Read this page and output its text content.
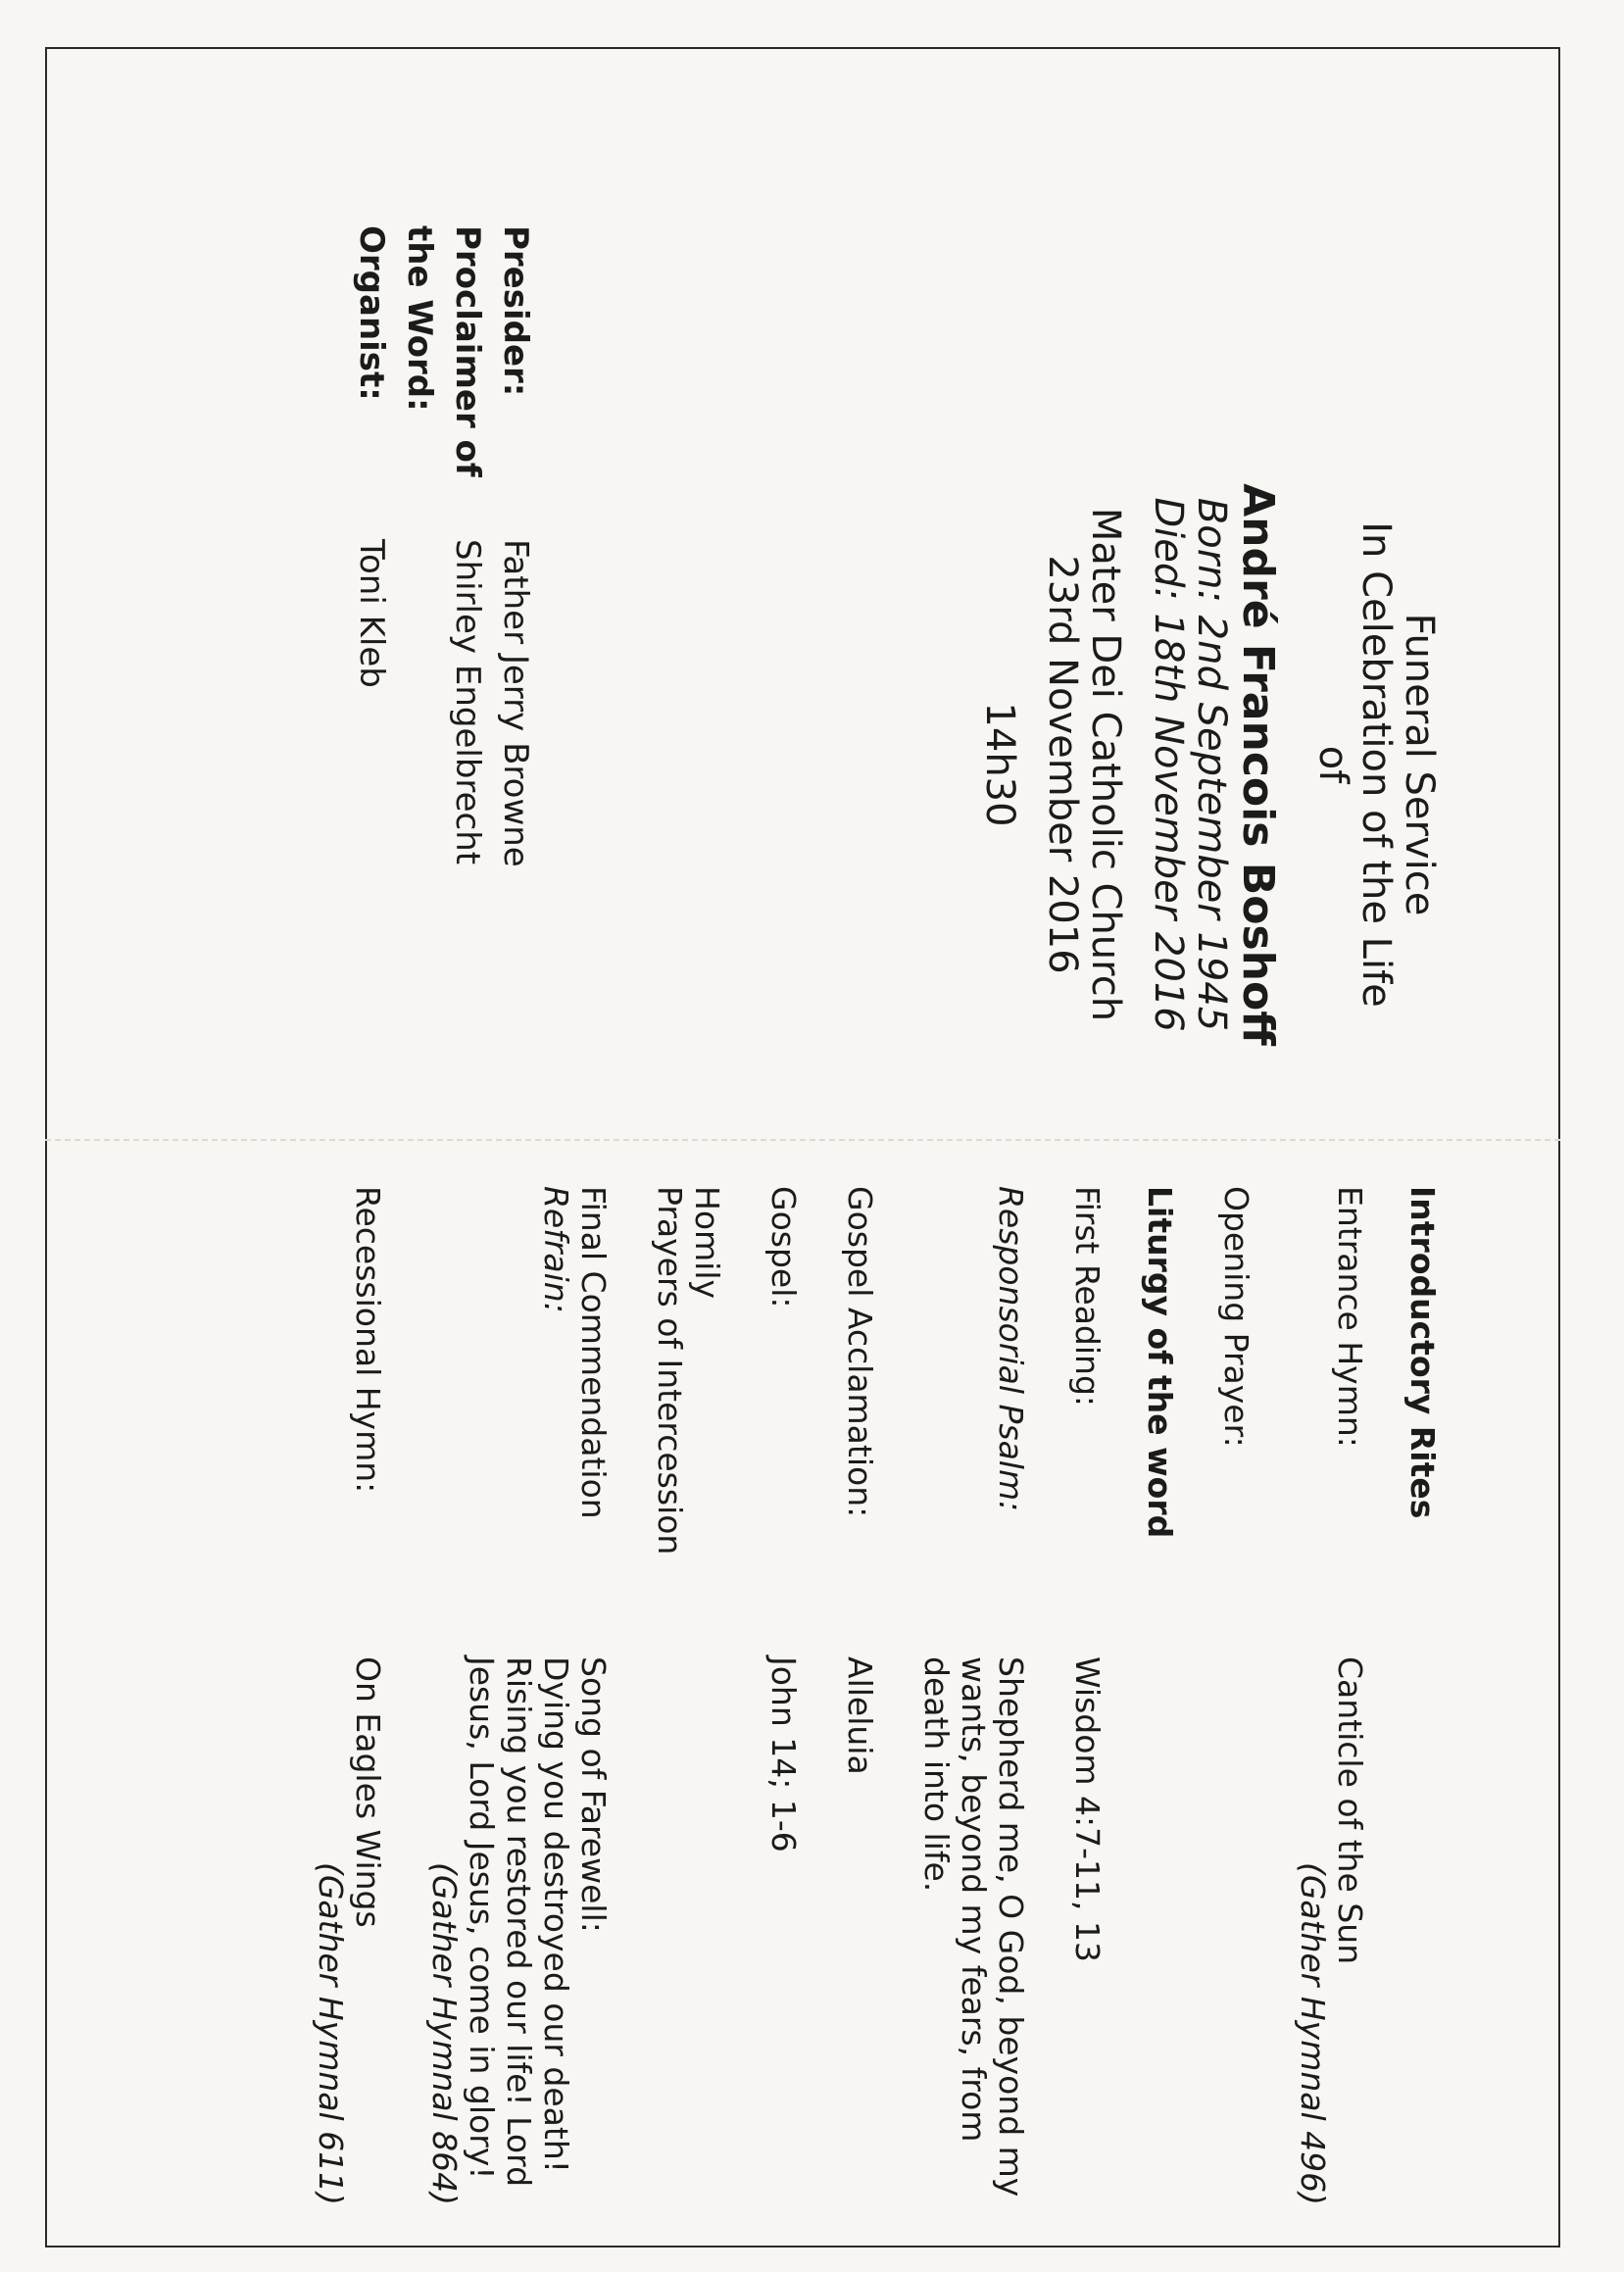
Funeral Service
In Celebration of the Life
of
André Francois Boshoff
Born: 2nd September 1945
Died: 18th November 2016
Mater Dei Catholic Church
23rd November 2016
14h30
Presider:
Father Jerry Browne
Proclaimer of the Word:
Shirley Engelbrecht
Organist:
Toni Kleb
Introductory Rites
Entrance Hymn:
Canticle of the Sun
(Gather Hymnal 496)
Opening Prayer:
Liturgy of the word
First Reading:
Wisdom 4:7-11, 13
Responsorial Psalm:
Shepherd me, O God, beyond my wants, beyond my fears, from death into life.
Gospel Acclamation:
Alleluia
Gospel:
John 14; 1-6
Homily
Prayers of Intercession
Final Commendation
Refrain:
Song of Farewell:
Dying you destroyed our death! Rising you restored our life! Lord Jesus, Lord Jesus, come in glory!
(Gather Hymnal 864)
Recessional Hymn:
On Eagles Wings
(Gather Hymnal 611)
